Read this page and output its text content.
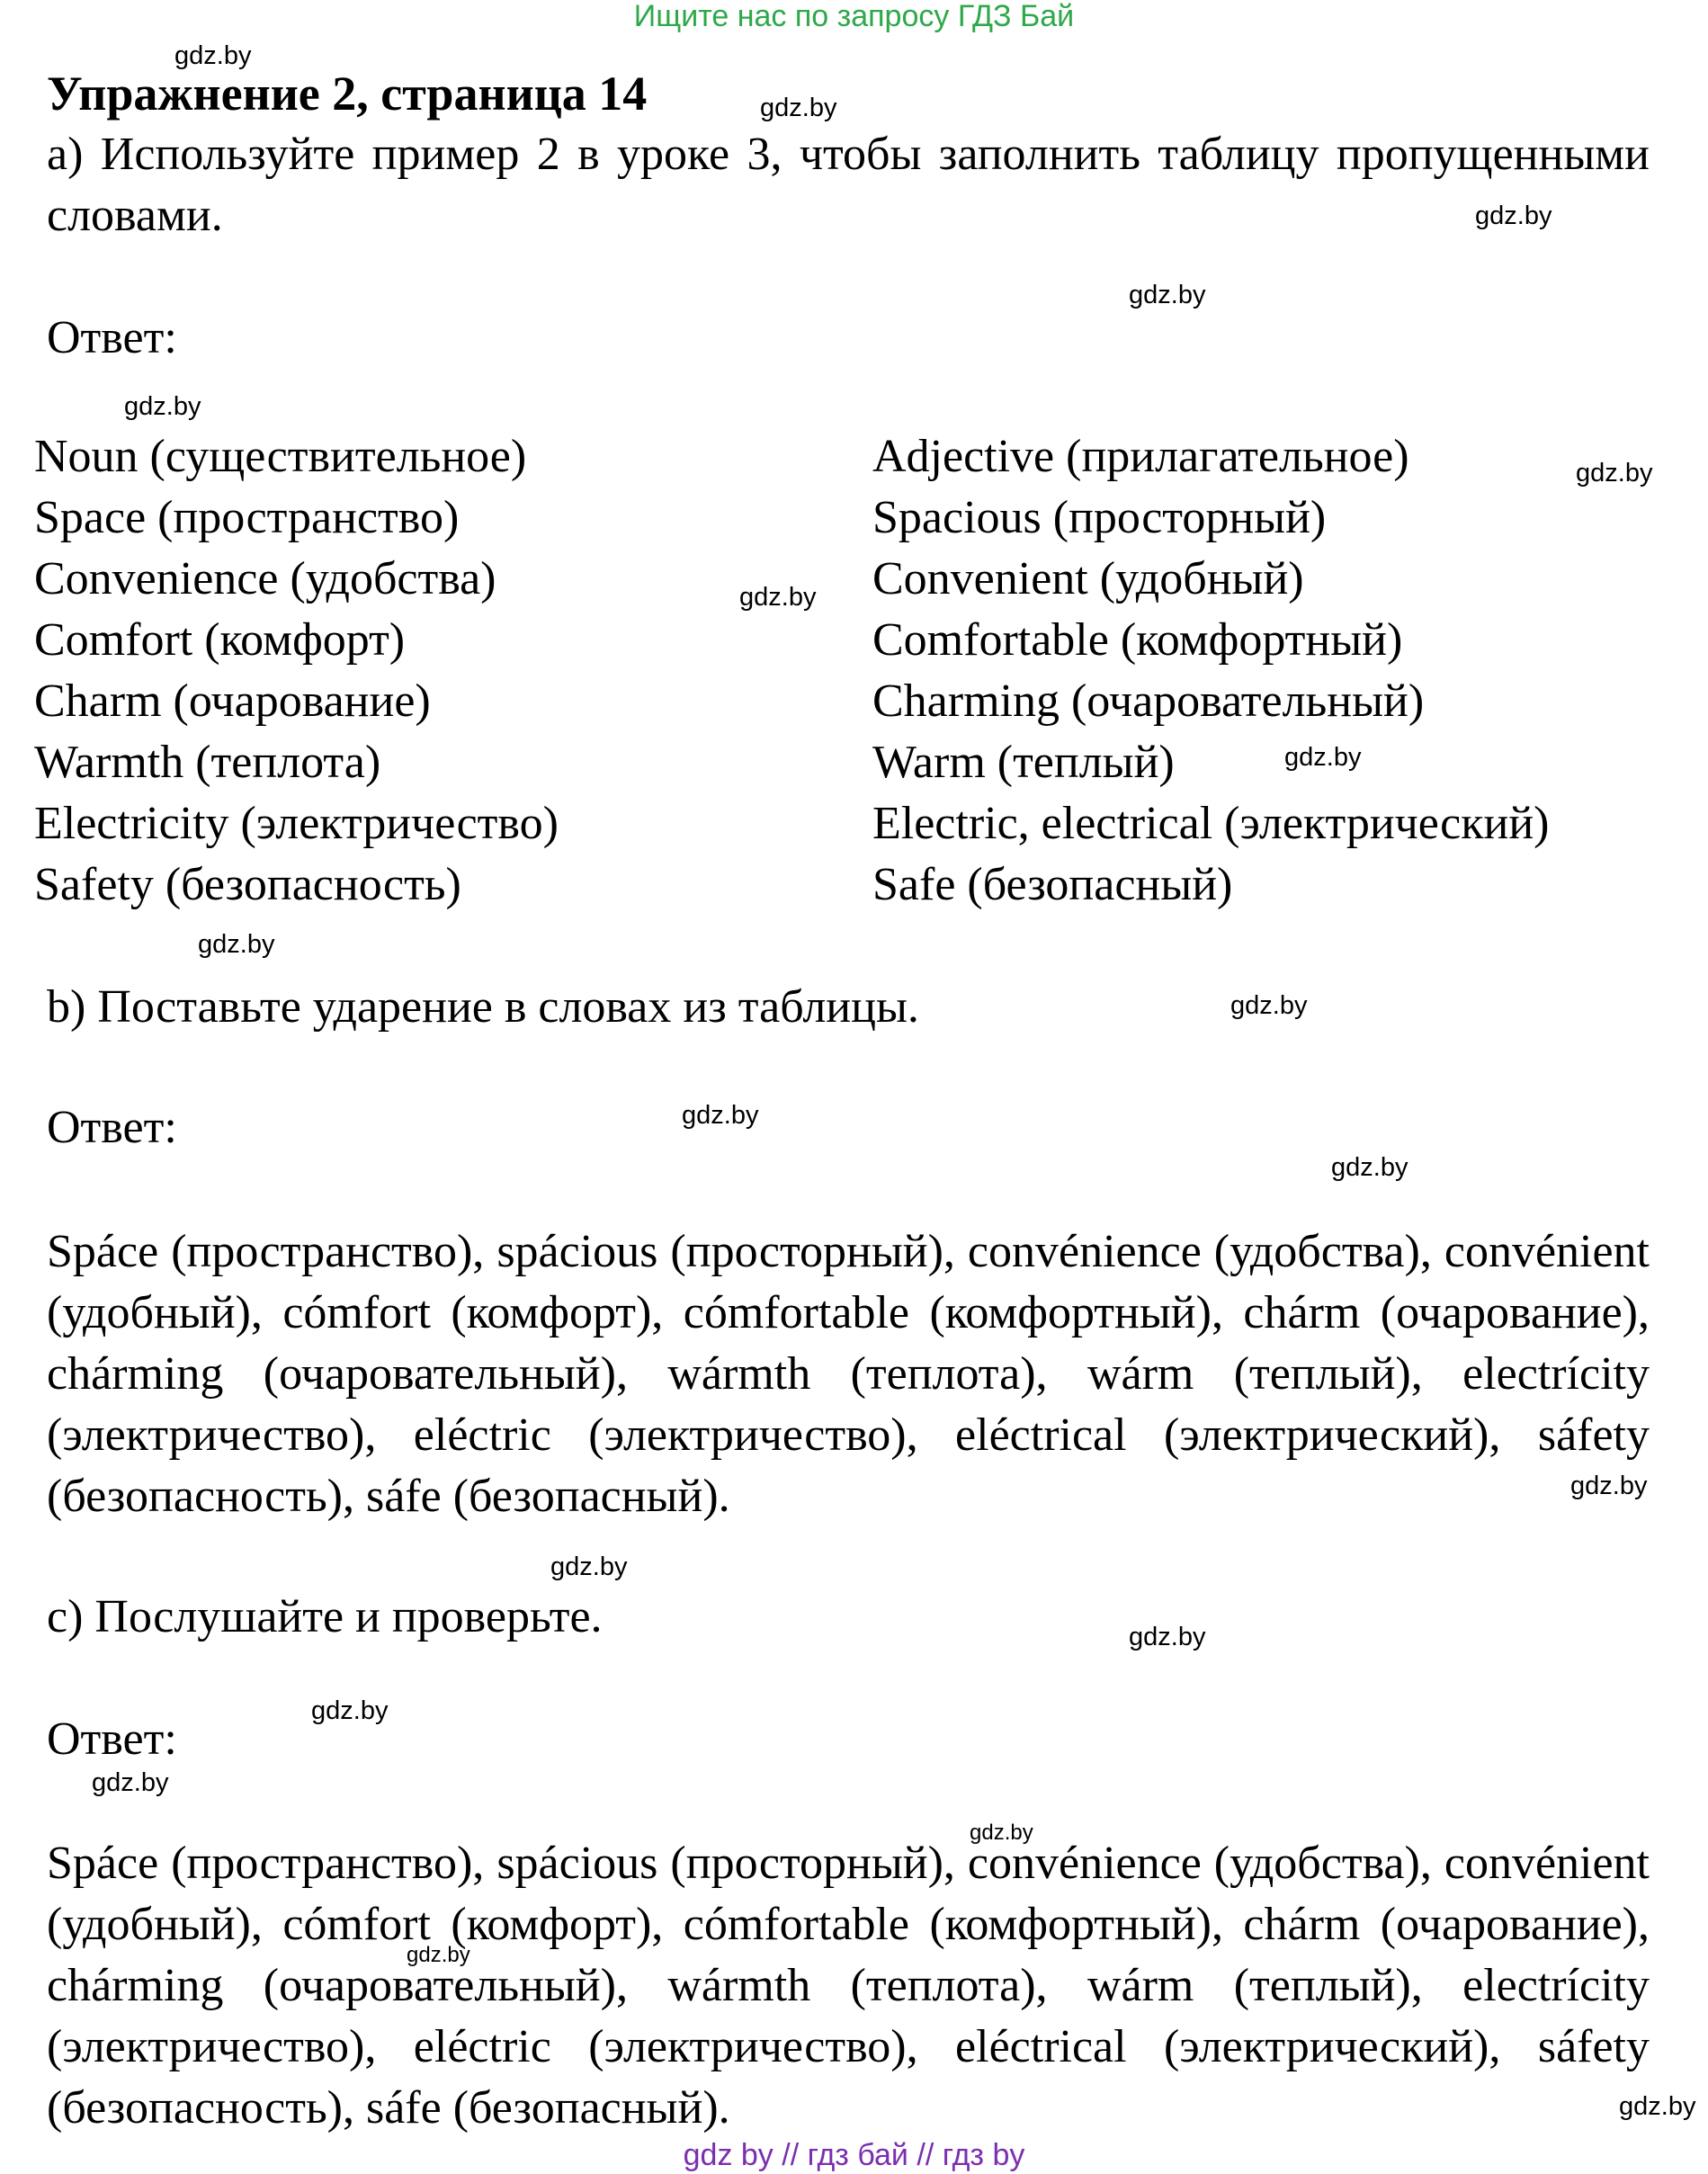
Ищите нас по запросу ГДЗ Бай
Упражнение 2, страница 14

a) Используйте пример 2 в уроке 3, чтобы заполнить таблицу пропущенными словами.

Ответ:
Noun (существительное)
Space (пространство)
Convenience (удобства)
Comfort (комфорт)
Charm (очарование)
Warmth (теплота)
Electricity (электричество)
Safety (безопасность)
Adjective (прилагательное)
Spacious (просторный)
Convenient (удобный)
Comfortable (комфортный)
Charming (очаровательный)
Warm (теплый)
Electric, electrical (электрический)
Safe (безопасный)
b) Поставьте ударение в словах из таблицы.
Ответ:

Spáce (пространство), spácious (просторный), convénience (удобства), convénient (удобный), cómfort (комфорт), cómfortable (комфортный), chárm (очарование), chárming (очаровательный), wármth (теплота), wárm (теплый), electrícity (электричество), eléctric (электричество), eléctrical (электрический), sáfety (безопасность), sáfe (безопасный).

c) Послушайте и проверьте.
Ответ:

Spáce (пространство), spácious (просторный), convénience (удобства), convénient (удобный), cómfort (комфорт), cómfortable (комфортный), chárm (очарование), chárming (очаровательный), wármth (теплота), wárm (теплый), electrícity (электричество), eléctric (электричество), eléctrical (электрический), sáfety (безопасность), sáfe (безопасный).

gdz.by
gdz.by
gdz.by
gdz.by
gdz.by
gdz.by
gdz.by
gdz.by
gdz.by
gdz.by
gdz.by
gdz.by
gdz.by
gdz.by
gdz.by
gdz.by
gdz.by
gdz.by
gdz.by
gdz.by
gdz by // гдз бай // гдз by
